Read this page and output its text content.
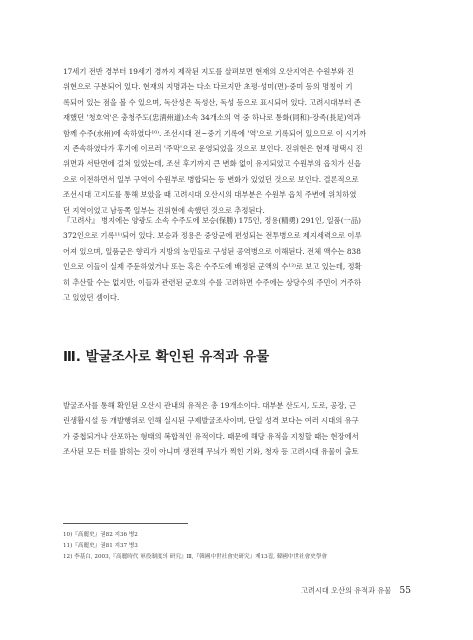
17세기 전반 경부터 19세기 경까지 제작된 지도를 살펴보면 현재의 오산지역은 수원부와 진
위현으로 구분되어 있다. 현재의 지명과는 다소 다르지만 초평·성미(면)·중미 등의 명칭이 기
록되어 있는 점을 볼 수 있으며, 독산성은 독성산, 독성 등으로 표시되어 있다. 고려시대부터 존
재했던 '청호역'은 충청주도(忠淸州道)소속 34개소의 역 중 하나로 통화(同和)·장족(長足)역과
함께 수주(水州)에 속하였다¹⁰⁾. 조선시대 전~중기 기록에 '역'으로 기록되어 있으므로 이 시기까
지 존속하였다가 후기에 이르러 '주막'으로 운영되었을 것으로 보인다. 진위현은 현재 평택시 진
위면과 서탄면에 걸쳐 있었는데, 조선 후기까지 큰 변화 없이 유지되었고 수원부의 읍치가 신읍
으로 이전하면서 일부 구역이 수원부로 병합되는 등 변화가 있었던 것으로 보인다. 결론적으로
조선시대 고지도를 통해 보았을 때 고려시대 오산시의 대부분은 수원부 읍치 주변에 위치하였
던 지역이었고 남동쪽 일부는 진위현에 속했던 것으로 추정된다.
『고려사』 병지에는 양광도 소속 수주도에 보승(保勝) 175인, 정용(精勇) 291인, 일품(一品)
372인으로 기록¹¹⁾되어 있다. 보승과 정용은 중앙군에 편성되는 전투병으로 제지세력으로 이루
어져 있으며, 일품군은 향리가 지방의 농민들로 구성된 공역병으로 이해된다. 전체 액수는 838
인으로 이들이 실제 주둔하였거나 또는 혹은 수주도에 배정된 군액의 수¹²⁾로 보고 있는데, 정확
히 추산할 수는 없지만, 이들과 관련된 군호의 수를 고려하면 수주에는 상당수의 주민이 거주하
고 있었던 셈이다.
Ⅲ. 발굴조사로 확인된 유적과 유물
발굴조사를 통해 확인된 오산시 관내의 유적은 총 19개소이다. 대부분 산도시, 도로, 공장, 근
린생활시설 등 개발행위로 인해 실시된 구제발굴조사이며, 단일 성격 보다는 여러 시대의 유구
가 중첩되거나 산포하는 형태의 복합적인 유적이다. 때문에 해당 유적을 지칭할 때는 현장에서
조사된 모든 터를 밝히는 것이 아니며 생전해 무늬가 찍힌 기와, 청자 등 고려시대 유물이 출토
10)『高麗史』권82 지36 병2
11)『高麗史』권81 지37 병3
12) 李基白, 2003,『高麗時代 軍役制度의 研究』Ⅲ,『韓國中世社會史研究』제13집, 韓國中世社會史學會
고려시대 오산의 유적과 유물 55
